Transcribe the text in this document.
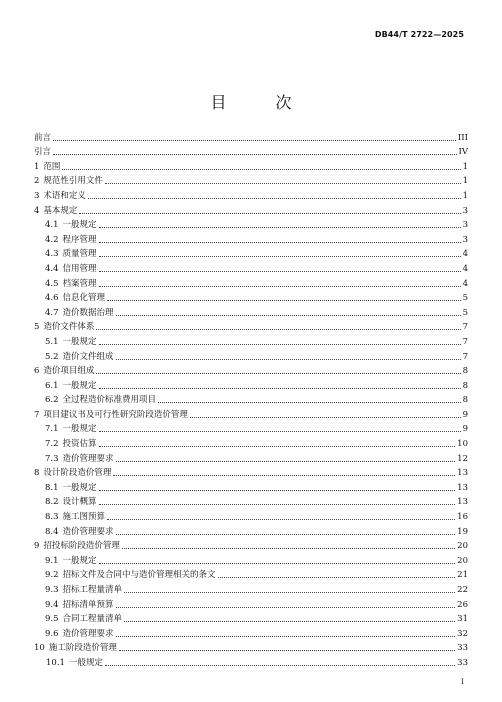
DB44/T 2722—2025
目 次
前言	III
引言	IV
1 范围	1
2 规范性引用文件	1
3 术语和定义	1
4 基本规定	3
4.1 一般规定	3
4.2 程序管理	3
4.3 质量管理	4
4.4 信用管理	4
4.5 档案管理	4
4.6 信息化管理	5
4.7 造价数据治理	5
5 造价文件体系	7
5.1 一般规定	7
5.2 造价文件组成	7
6 造价项目组成	8
6.1 一般规定	8
6.2 全过程造价标准费用项目	8
7 项目建议书及可行性研究阶段造价管理	9
7.1 一般规定	9
7.2 投资估算	10
7.3 造价管理要求	12
8 设计阶段造价管理	13
8.1 一般规定	13
8.2 设计概算	13
8.3 施工图预算	16
8.4 造价管理要求	19
9 招投标阶段造价管理	20
9.1 一般规定	20
9.2 招标文件及合同中与造价管理相关的条文	21
9.3 招标工程量清单	22
9.4 招标清单预算	26
9.5 合同工程量清单	31
9.6 造价管理要求	32
10 施工阶段造价管理	33
10.1 一般规定	33
I
